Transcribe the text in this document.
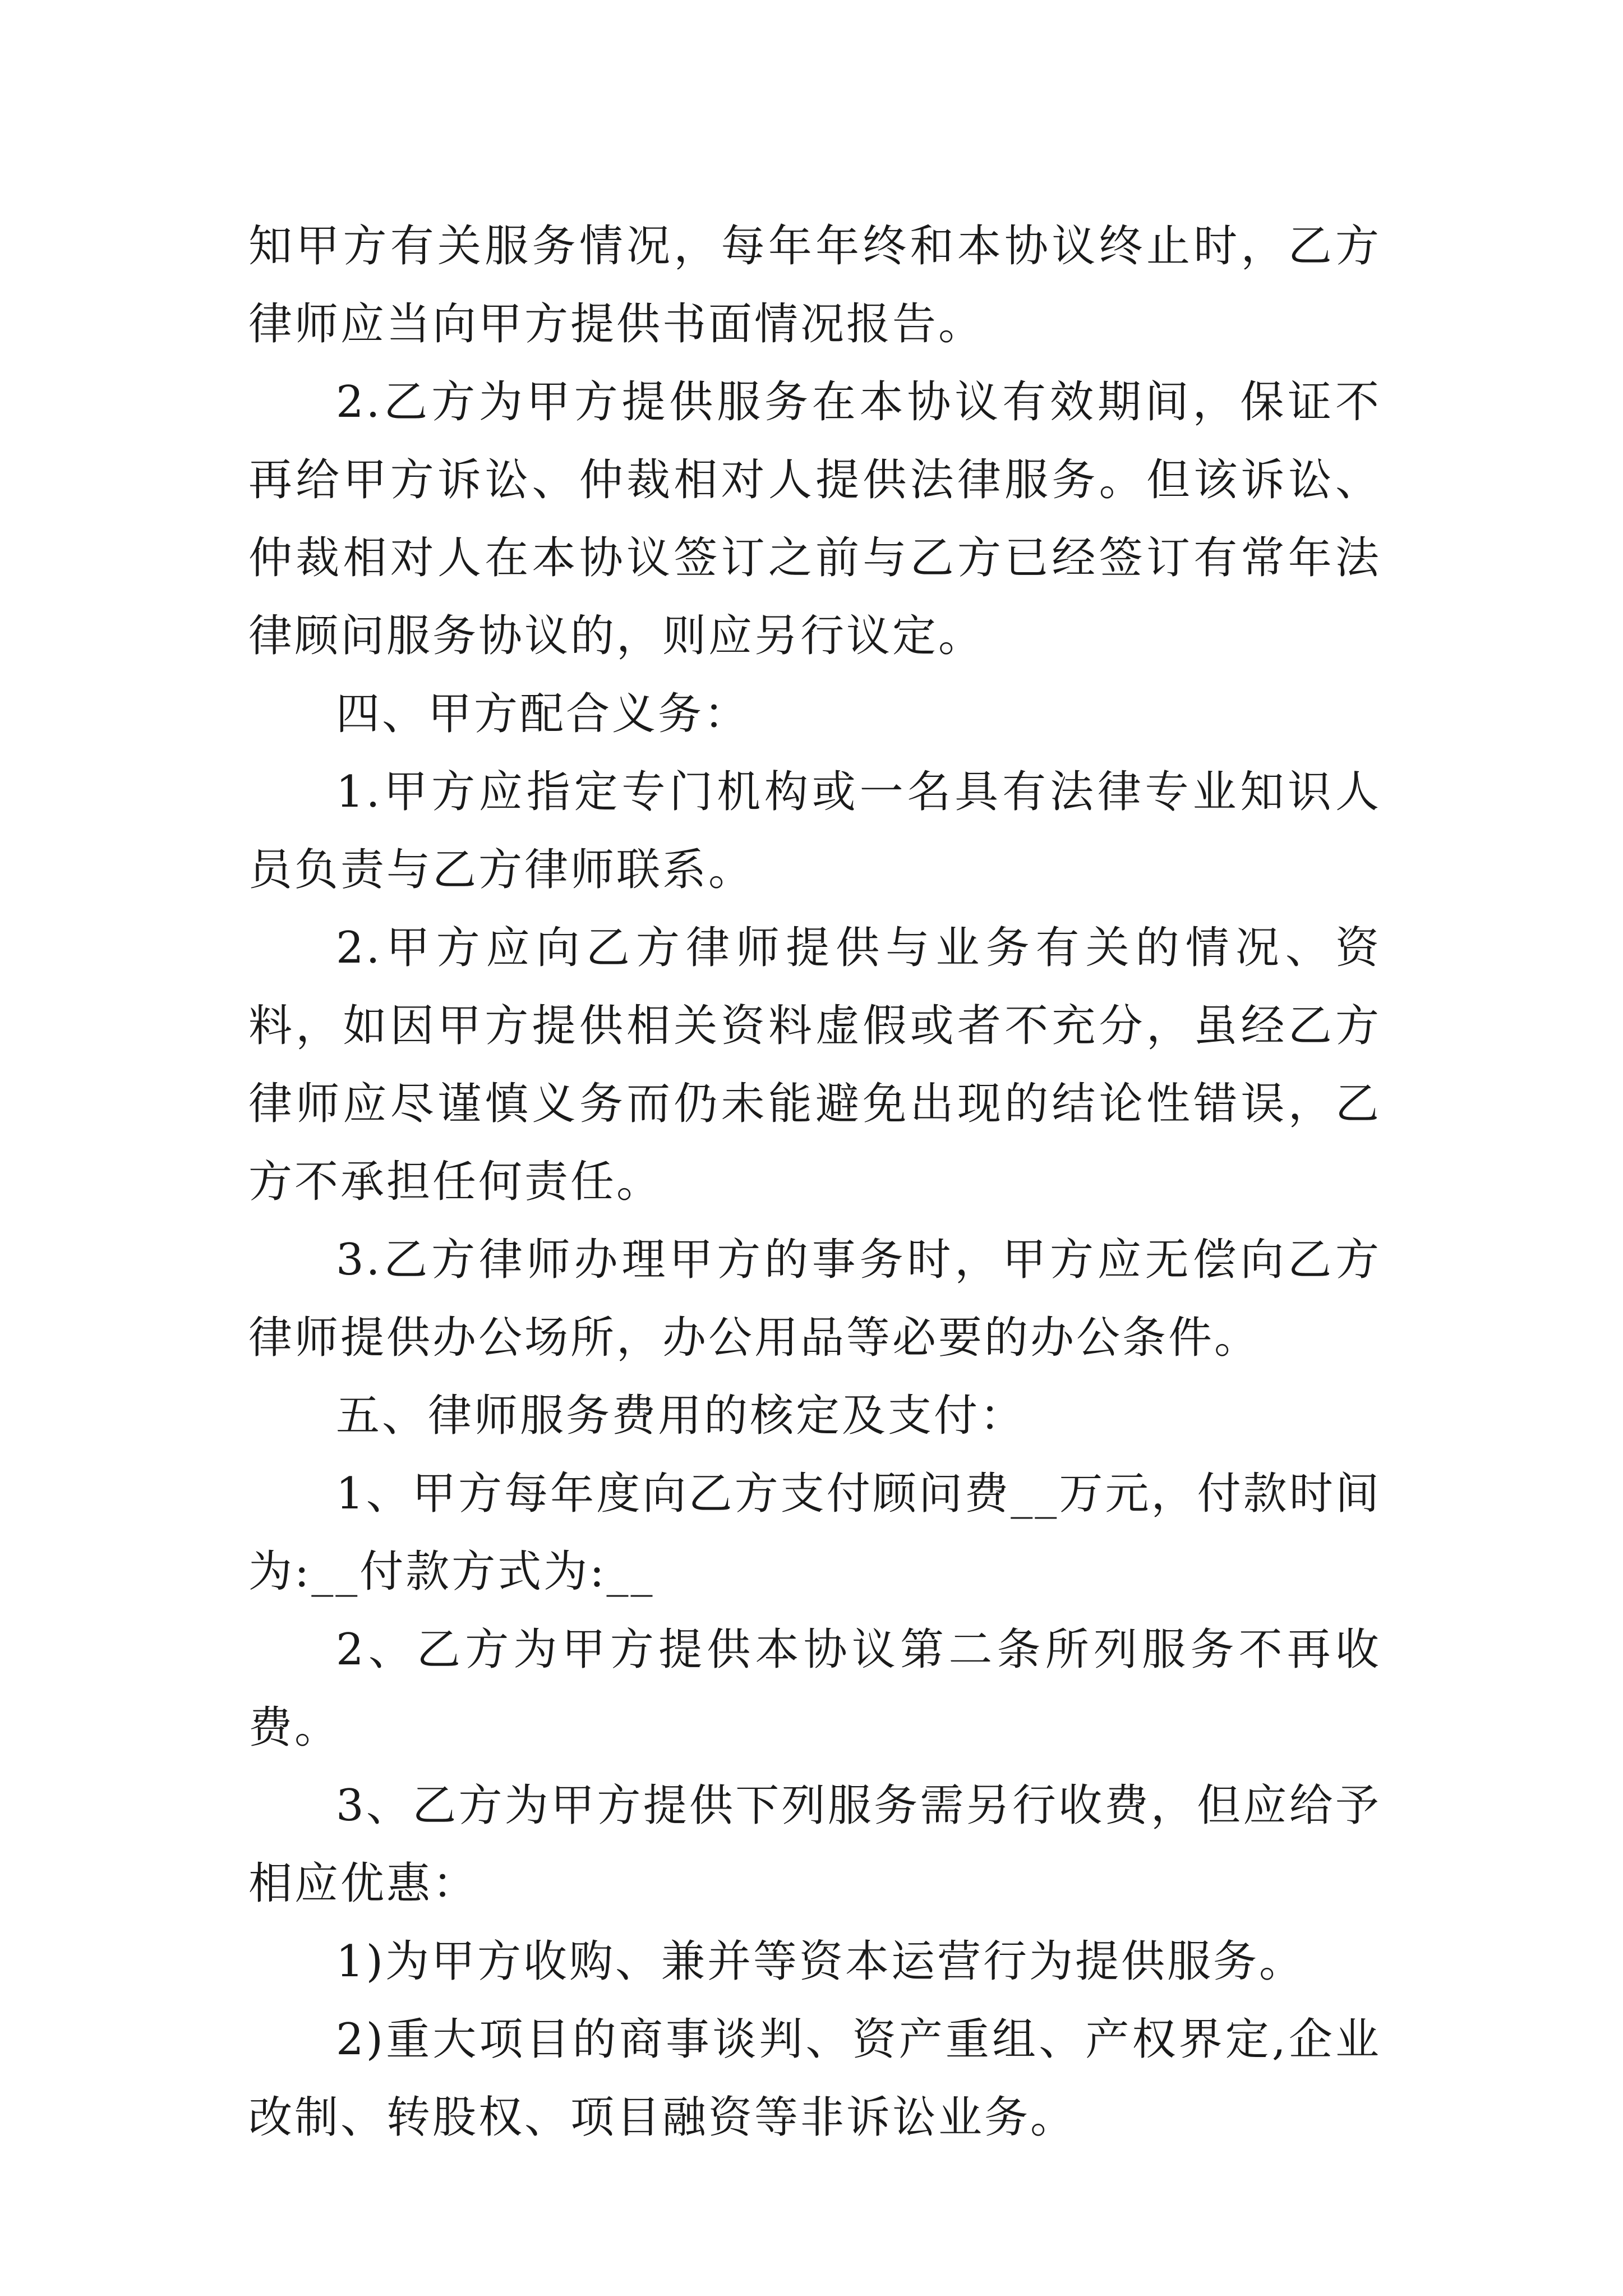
知甲方有关服务情况，每年年终和本协议终止时，乙方律师应当向甲方提供书面情况报告。

2.乙方为甲方提供服务在本协议有效期间，保证不再给甲方诉讼、仲裁相对人提供法律服务。但该诉讼、仲裁相对人在本协议签订之前与乙方已经签订有常年法律顾问服务协议的，则应另行议定。

四、甲方配合义务：

1.甲方应指定专门机构或一名具有法律专业知识人员负责与乙方律师联系。

2.甲方应向乙方律师提供与业务有关的情况、资料，如因甲方提供相关资料虚假或者不充分，虽经乙方律师应尽谨慎义务而仍未能避免出现的结论性错误，乙方不承担任何责任。

3.乙方律师办理甲方的事务时，甲方应无偿向乙方律师提供办公场所，办公用品等必要的办公条件。

五、律师服务费用的核定及支付：

1、甲方每年度向乙方支付顾问费__万元，付款时间为:__付款方式为:__

2、乙方为甲方提供本协议第二条所列服务不再收费。

3、乙方为甲方提供下列服务需另行收费，但应给予相应优惠：

1)为甲方收购、兼并等资本运营行为提供服务。

2)重大项目的商事谈判、资产重组、产权界定,企业改制、转股权、项目融资等非诉讼业务。
